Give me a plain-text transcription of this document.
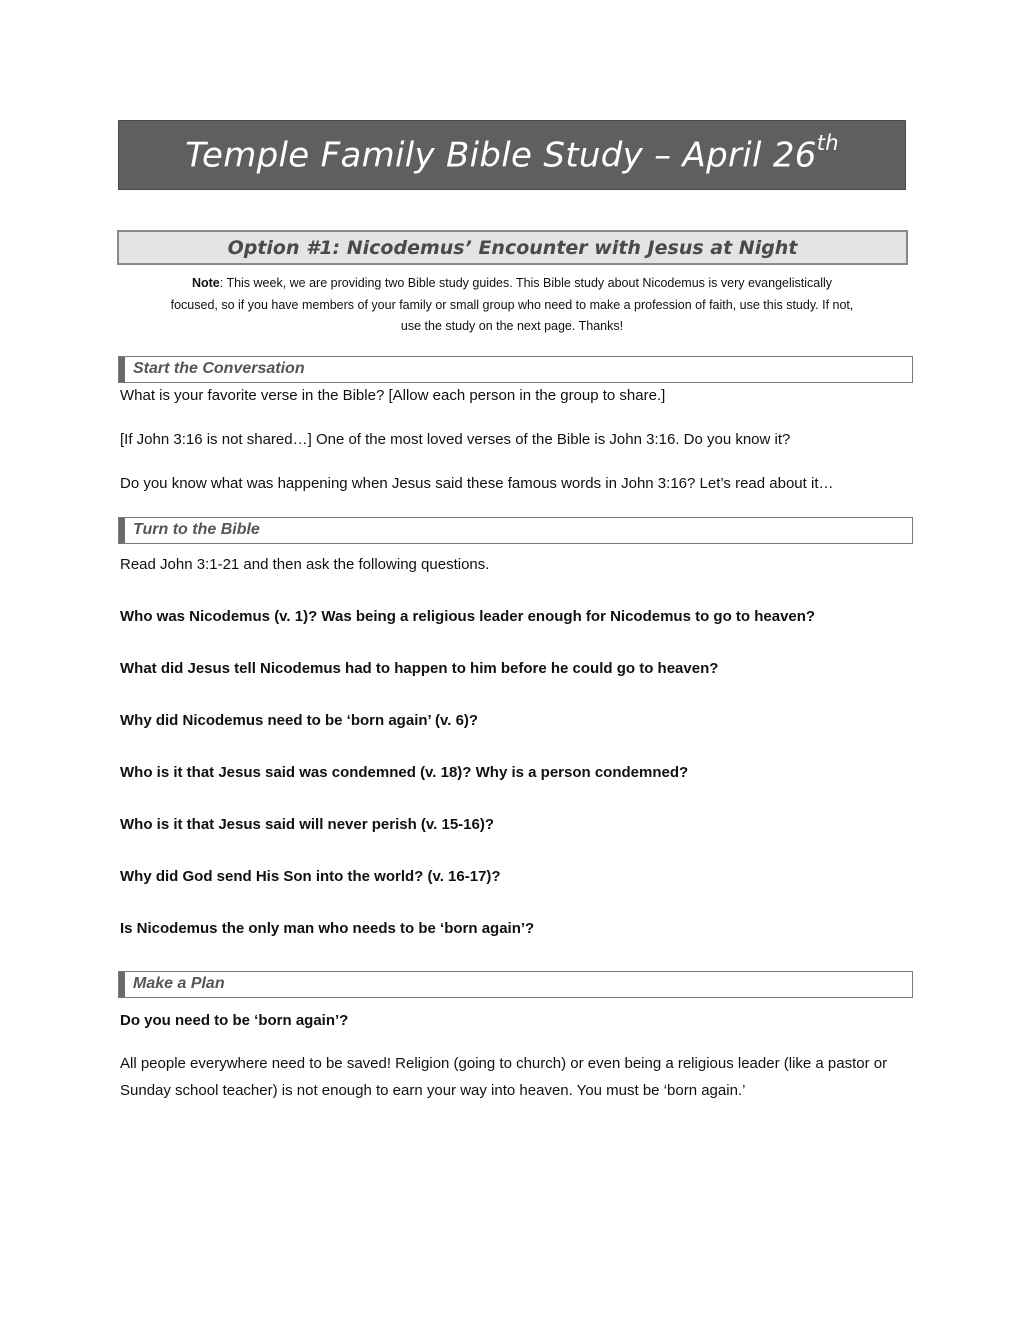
Temple Family Bible Study – April 26th
Option #1: Nicodemus’ Encounter with Jesus at Night
Note: This week, we are providing two Bible study guides. This Bible study about Nicodemus is very evangelistically focused, so if you have members of your family or small group who need to make a profession of faith, use this study. If not, use the study on the next page. Thanks!
Start the Conversation
What is your favorite verse in the Bible? [Allow each person in the group to share.]
[If John 3:16 is not shared…] One of the most loved verses of the Bible is John 3:16. Do you know it?
Do you know what was happening when Jesus said these famous words in John 3:16? Let’s read about it…
Turn to the Bible
Read John 3:1-21 and then ask the following questions.
Who was Nicodemus (v. 1)? Was being a religious leader enough for Nicodemus to go to heaven?
What did Jesus tell Nicodemus had to happen to him before he could go to heaven?
Why did Nicodemus need to be ‘born again’ (v. 6)?
Who is it that Jesus said was condemned (v. 18)? Why is a person condemned?
Who is it that Jesus said will never perish (v. 15-16)?
Why did God send His Son into the world? (v. 16-17)?
Is Nicodemus the only man who needs to be ‘born again’?
Make a Plan
Do you need to be ‘born again’?
All people everywhere need to be saved! Religion (going to church) or even being a religious leader (like a pastor or Sunday school teacher) is not enough to earn your way into heaven. You must be ‘born again.’
